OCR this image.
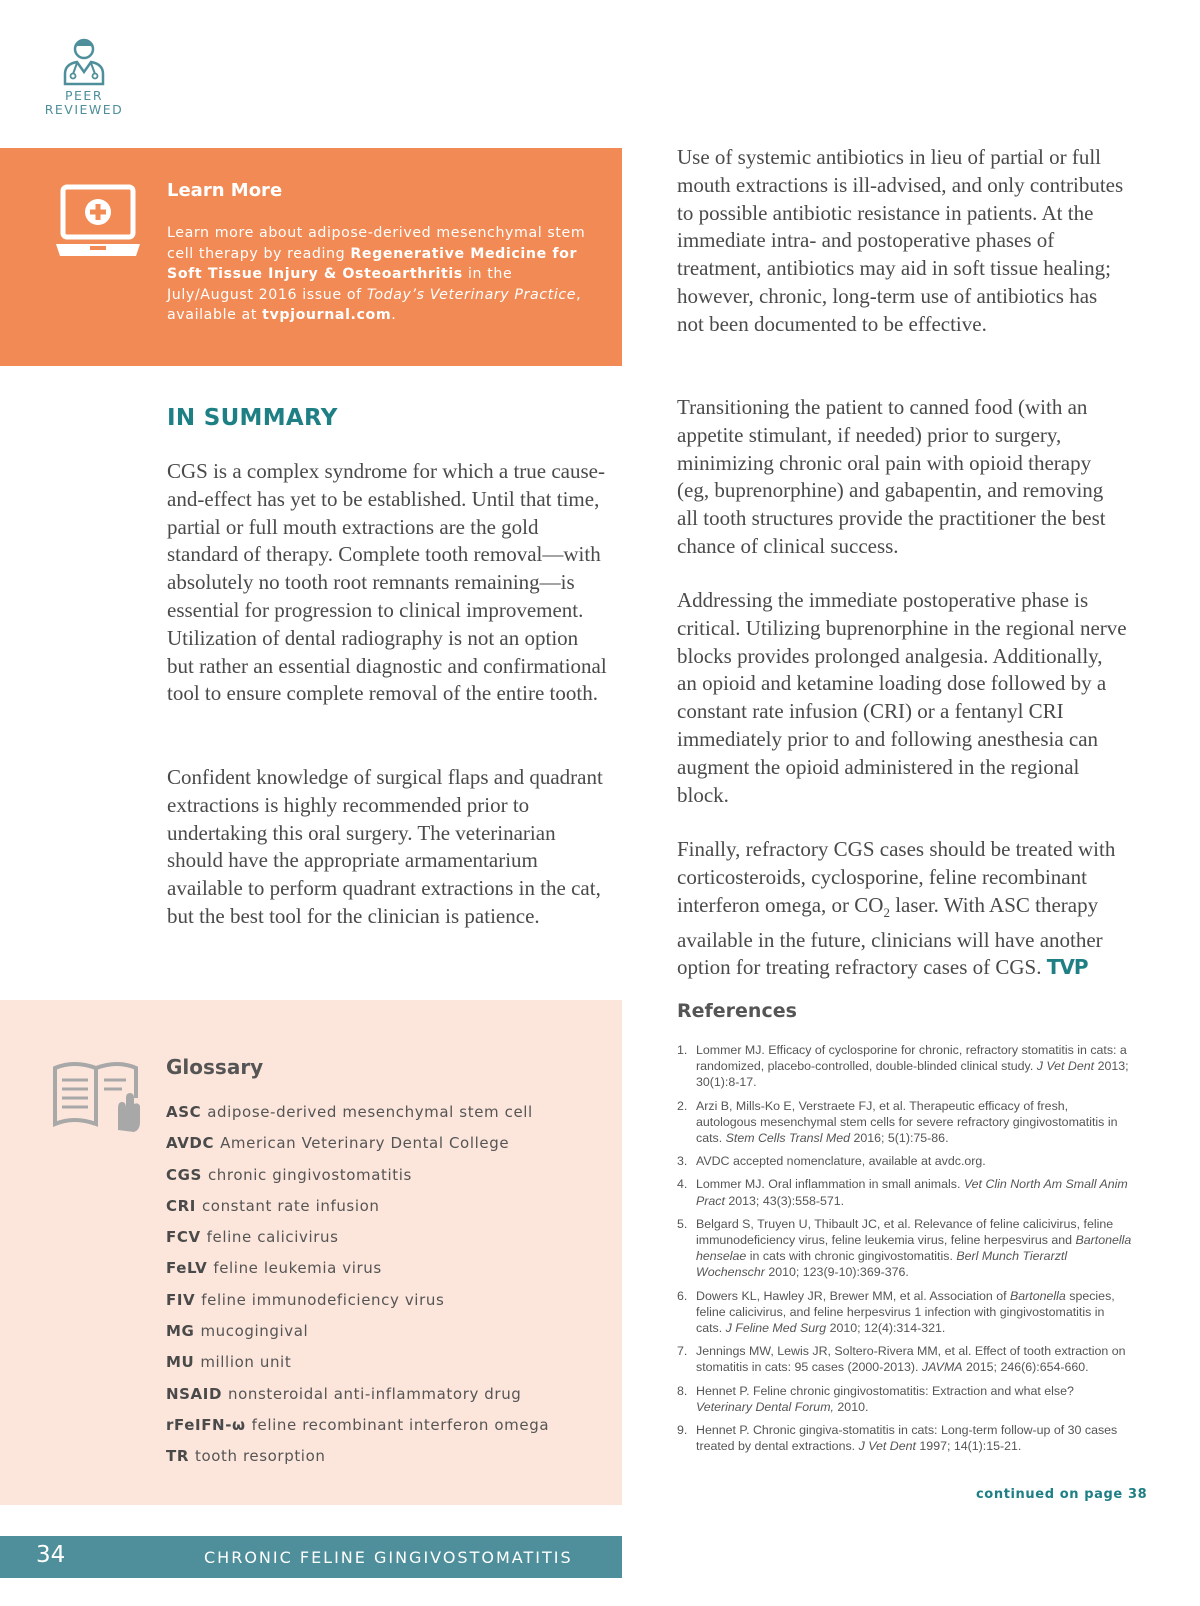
PEER
REVIEWED
Learn More
Learn more about adipose-derived mesenchymal stem cell therapy by reading Regenerative Medicine for Soft Tissue Injury & Osteoarthritis in the July/August 2016 issue of Today’s Veterinary Practice, available at tvpjournal.com.
IN SUMMARY

CGS is a complex syndrome for which a true cause-and-effect has yet to be established. Until that time, partial or full mouth extractions are the gold standard of therapy. Complete tooth removal—with absolutely no tooth root remnants remaining—is essential for progression to clinical improvement. Utilization of dental radiography is not an option but rather an essential diagnostic and confirmational tool to ensure complete removal of the entire tooth.

Confident knowledge of surgical flaps and quadrant extractions is highly recommended prior to undertaking this oral surgery. The veterinarian should have the appropriate armamentarium available to perform quadrant extractions in the cat, but the best tool for the clinician is patience.

Use of systemic antibiotics in lieu of partial or full mouth extractions is ill-advised, and only contributes to possible antibiotic resistance in patients. At the immediate intra- and postoperative phases of treatment, antibiotics may aid in soft tissue healing; however, chronic, long-term use of antibiotics has not been documented to be effective.

Transitioning the patient to canned food (with an appetite stimulant, if needed) prior to surgery, minimizing chronic oral pain with opioid therapy (eg, buprenorphine) and gabapentin, and removing all tooth structures provide the practitioner the best chance of clinical success.

Addressing the immediate postoperative phase is critical. Utilizing buprenorphine in the regional nerve blocks provides prolonged analgesia. Additionally, an opioid and ketamine loading dose followed by a constant rate infusion (CRI) or a fentanyl CRI immediately prior to and following anesthesia can augment the opioid administered in the regional block.

Finally, refractory CGS cases should be treated with corticosteroids, cyclosporine, feline recombinant interferon omega, or $CO_2$ laser. With ASC therapy available in the future, clinicians will have another option for treating refractory cases of CGS. TVP

Glossary
ASC adipose-derived mesenchymal stem cell
AVDC American Veterinary Dental College
CGS chronic gingivostomatitis
CRI constant rate infusion
FCV feline calicivirus
FeLV feline leukemia virus
FIV feline immunodeficiency virus
MG mucogingival
MU million unit
NSAID nonsteroidal anti-inflammatory drug
rFeIFN-ω feline recombinant interferon omega
TR tooth resorption
References
1. Lommer MJ. Efficacy of cyclosporine for chronic, refractory stomatitis in cats: a randomized, placebo-controlled, double-blinded clinical study. J Vet Dent 2013; 30(1):8-17.
2. Arzi B, Mills-Ko E, Verstraete FJ, et al. Therapeutic efficacy of fresh, autologous mesenchymal stem cells for severe refractory gingivostomatitis in cats. Stem Cells Transl Med 2016; 5(1):75-86.
3. AVDC accepted nomenclature, available at avdc.org.
4. Lommer MJ. Oral inflammation in small animals. Vet Clin North Am Small Anim Pract 2013; 43(3):558-571.
5. Belgard S, Truyen U, Thibault JC, et al. Relevance of feline calicivirus, feline immunodeficiency virus, feline leukemia virus, feline herpesvirus and Bartonella henselae in cats with chronic gingivostomatitis. Berl Munch Tierarztl Wochenschr 2010; 123(9-10):369-376.
6. Dowers KL, Hawley JR, Brewer MM, et al. Association of Bartonella species, feline calicivirus, and feline herpesvirus 1 infection with gingivostomatitis in cats. J Feline Med Surg 2010; 12(4):314-321.
7. Jennings MW, Lewis JR, Soltero-Rivera MM, et al. Effect of tooth extraction on stomatitis in cats: 95 cases (2000-2013). JAVMA 2015; 246(6):654-660.
8. Hennet P. Feline chronic gingivostomatitis: Extraction and what else? Veterinary Dental Forum, 2010.
9. Hennet P. Chronic gingiva-stomatitis in cats: Long-term follow-up of 30 cases treated by dental extractions. J Vet Dent 1997; 14(1):15-21.
continued on page 38
34	CHRONIC FELINE GINGIVOSTOMATITIS
